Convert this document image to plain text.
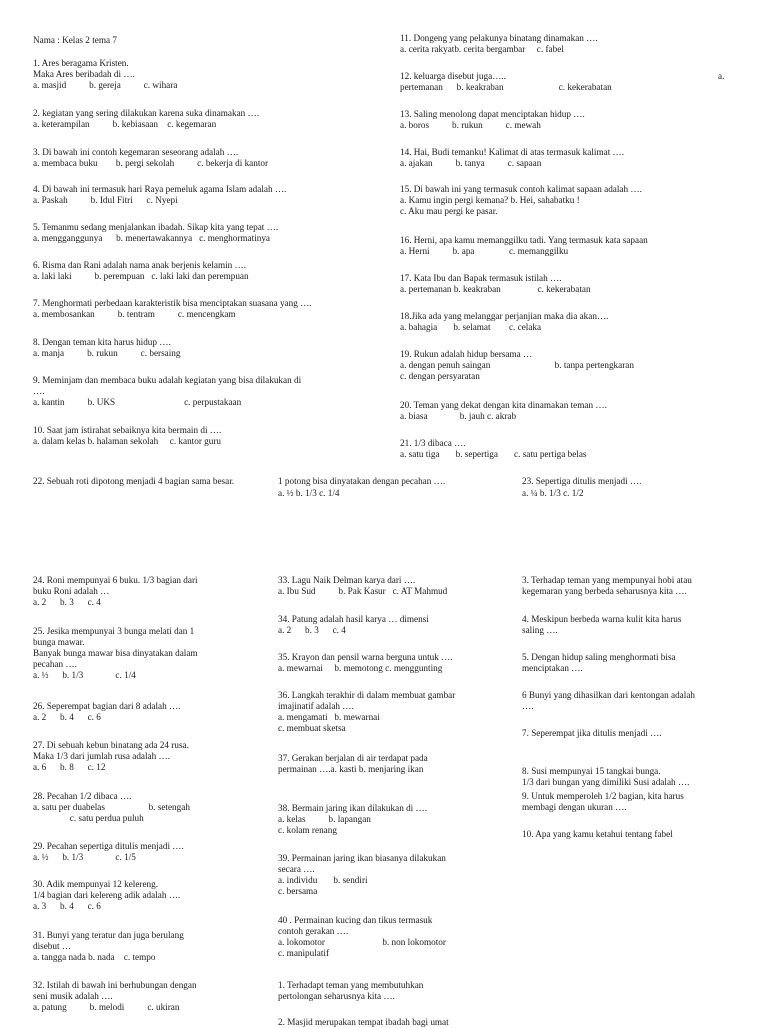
Nama : Kelas 2 tema 7
1. Ares beragama Kristen.
Maka Ares beribadah di ….
a. masjid          b. gereja          c. wihara
2. kegiatan yang sering dilakukan karena suka dinamakan ….
a. keterampilan          b. kebiasaan    c. kegemaran
3. Di bawah ini contoh kegemaran seseorang adalah ….
a. membaca buku        b. pergi sekolah          c. bekerja di kantor
4. Di bawah ini termasuk hari Raya pemeluk agama Islam adalah ….
a. Paskah          b. Idul Fitri      c. Nyepi
5. Temanmu sedang menjalankan ibadah. Sikap kita yang tepat ….
a. mengganggunya      b. menertawakannya   c. menghormatinya
6. Risma dan Rani adalah nama anak berjenis kelamin ….
a. laki laki          b. perempuan   c. laki laki dan perempuan
7. Menghormati perbedaan karakteristik bisa menciptakan suasana yang ….
a. membosankan          b. tentram          c. mencengkam
8. Dengan teman kita harus hidup ….
a. manja          b. rukun          c. bersaing
9. Meminjam dan membaca buku adalah kegiatan yang bisa dilakukan di
….
a. kantin          b. UKS                              c. perpustakaan
10. Saat jam istirahat sebaiknya kita bermain di ….
a. dalam kelas b. halaman sekolah     c. kantor guru
11. Dongeng yang pelakunya binatang dinamakan ….
a. cerita rakyatb. cerita bergambar     c. fabel
12. keluarga disebut juga…..
pertemanan      b. keakraban                        c. kekerabatan
13. Saling menolong dapat menciptakan hidup ….
a. boros          b. rukun          c. mewah
14. Hai, Budi temanku! Kalimat di atas termasuk kalimat ….
a. ajakan          b. tanya          c. sapaan
15. Di bawah ini yang termasuk contoh kalimat sapaan adalah ….
a. Kamu ingin pergi kemana? b. Hei, sahabatku !
c. Aku mau pergi ke pasar.
16. Herni, apa kamu memanggilku tadi. Yang termasuk kata sapaan
a. Herni          b. apa               c. memanggilku
17. Kata Ibu dan Bapak termasuk istilah ….
a. pertemanan b. keakraban                c. kekerabatan
18.Jika ada yang melanggar perjanjian maka dia akan….
a. bahagia       b. selamat        c. celaka
19. Rukun adalah hidup bersama …
a. dengan penuh saingan                            b. tanpa pertengkaran
c. dengan persyaratan
20. Teman yang dekat dengan kita dinamakan teman ….
a. biasa              b. jauh c. akrab
21. 1/3 dibaca ….
a. satu tiga       b. sepertiga       c. satu pertiga belas
a.
22. Sebuah roti dipotong menjadi 4 bagian sama besar.	1 potong bisa dinyatakan dengan pecahan ….
a. ½ b. 1/3 c. 1/4
23. Sepertiga ditulis menjadi ….
a. ¼ b. 1/3 c. 1/2
24. Roni mempunyai 6 buku. 1/3 bagian dari
buku Roni adalah …
a. 2      b. 3      c. 4
25. Jesika mempunyai 3 bunga melati dan 1
bunga mawar.
Banyak bunga mawar bisa dinyatakan dalam
pecahan ….
a. ½      b. 1/3              c. 1/4
26. Seperempat bagian dari 8 adalah ….
a. 2      b. 4      c. 6
27. Di sebuah kebun binatang ada 24 rusa.
Maka 1/3 dari jumlah rusa adalah ….
a. 6      b. 8      c. 12
28. Pecahan 1/2 dibaca ….
a. satu per duabelas                   b. setengah
c. satu perdua puluh
29. Pecahan sepertiga ditulis menjadi ….
a. ½      b. 1/3              c. 1/5
30. Adik mempunyai 12 kelereng.
1/4 bagian dari kelereng adik adalah ….
a. 3      b. 4      c. 6
31. Bunyi yang teratur dan juga berulang
disebut …
a. tangga nada b. nada    c. tempo
32. Istilah di bawah ini berhubungan dengan
seni musik adalah ….
a. patung          b. melodi          c. ukiran
33. Lagu Naik Delman karya dari ….
a. Ibu Sud          b. Pak Kasur   c. AT Mahmud
34. Patung adalah hasil karya … dimensi
a. 2      b. 3      c. 4
35. Krayon dan pensil warna berguna untuk ….
a. mewarnai     b. memotong c. menggunting
36. Langkah terakhir di dalam membuat gambar
imajinatif adalah ….
a. mengamati   b. mewarnai
c. membuat sketsa
37. Gerakan berjalan di air terdapat pada
permainan ….a. kasti b. menjaring ikan
38. Bermain jaring ikan dilakukan di ….
a. kelas          b. lapangan
c. kolam renang
39. Permainan jaring ikan biasanya dilakukan
secara ….
a. individu       b. sendiri
c. bersama
40 . Permainan kucing dan tikus termasuk
contoh gerakan ….
a. lokomotor                         b. non lokomotor
c. manipulatif
1. Terhadapt teman yang membutuhkan
pertolongan seharusnya kita ….
2. Masjid merupakan tempat ibadah bagi umat
3. Terhadap teman yang mempunyai hobi atau
kegemaran yang berbeda seharusnya kita ….
4. Meskipun berbeda warna kulit kita harus
saling ….
5. Dengan hidup saling menghormati bisa
menciptakan ….
6 Bunyi yang dihasilkan dari kentongan adalah
….
7. Seperempat jika ditulis menjadi ….
8. Susi mempunyai 15 tangkai bunga.
1/3 dari bungan yang dimiliki Susi adalah ….
9. Untuk memperoleh 1/2 bagian, kita harus
membagi dengan ukuran ….
10. Apa yang kamu ketahui tentang fabel
